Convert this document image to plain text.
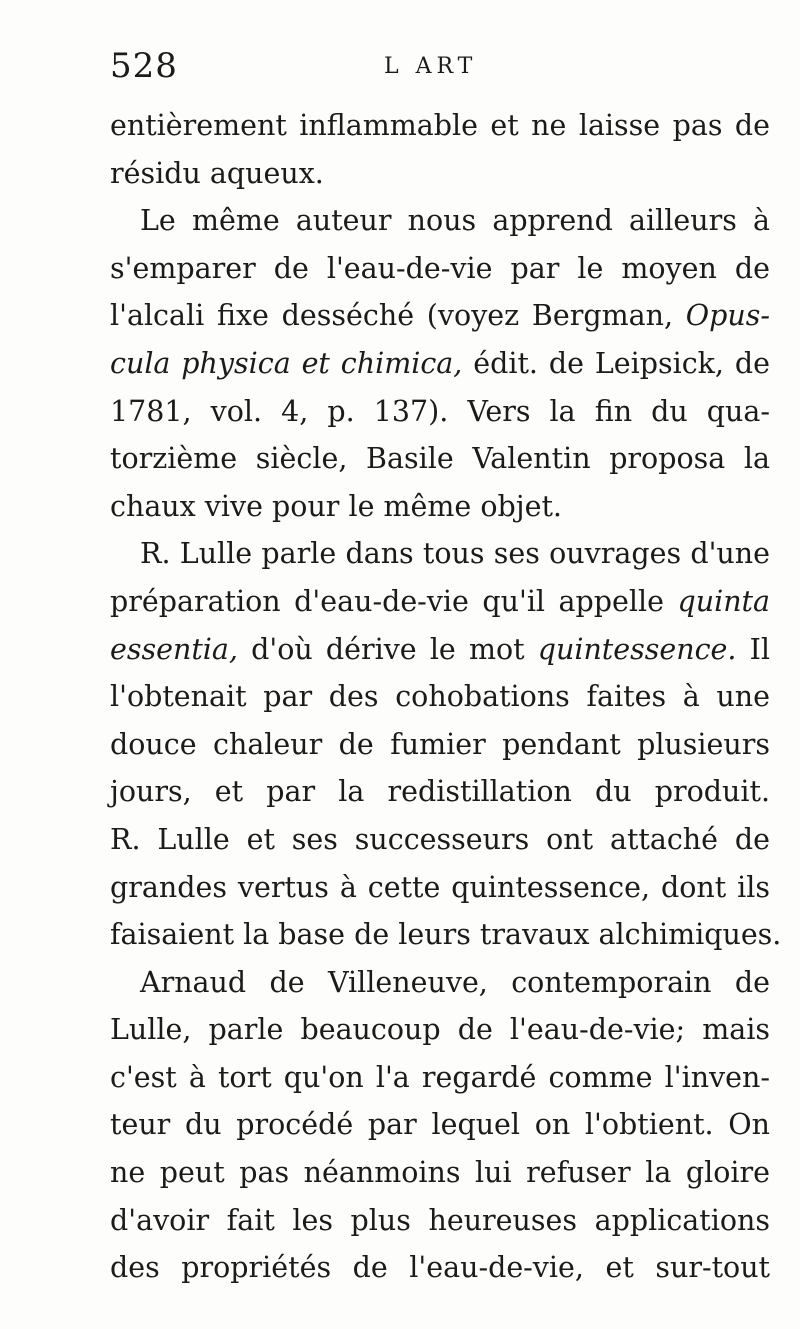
528	L ART
entièrement inflammable et ne laisse pas de
résidu aqueux.
Le même auteur nous apprend ailleurs à
s'emparer de l'eau-de-vie par le moyen de
l'alcali fixe desséché (voyez Bergman, Opus-
cula physica et chimica, édit. de Leipsick, de
1781, vol. 4, p. 137). Vers la fin du qua-
torzième siècle, Basile Valentin proposa la
chaux vive pour le même objet.
R. Lulle parle dans tous ses ouvrages d'une
préparation d'eau-de-vie qu'il appelle quinta
essentia, d'où dérive le mot quintessence. Il
l'obtenait par des cohobations faites à une
douce chaleur de fumier pendant plusieurs
jours, et par la redistillation du produit.
R. Lulle et ses successeurs ont attaché de
grandes vertus à cette quintessence, dont ils
faisaient la base de leurs travaux alchimiques.
Arnaud de Villeneuve, contemporain de
Lulle, parle beaucoup de l'eau-de-vie; mais
c'est à tort qu'on l'a regardé comme l'inven-
teur du procédé par lequel on l'obtient. On
ne peut pas néanmoins lui refuser la gloire
d'avoir fait les plus heureuses applications
des propriétés de l'eau-de-vie, et sur-tout
